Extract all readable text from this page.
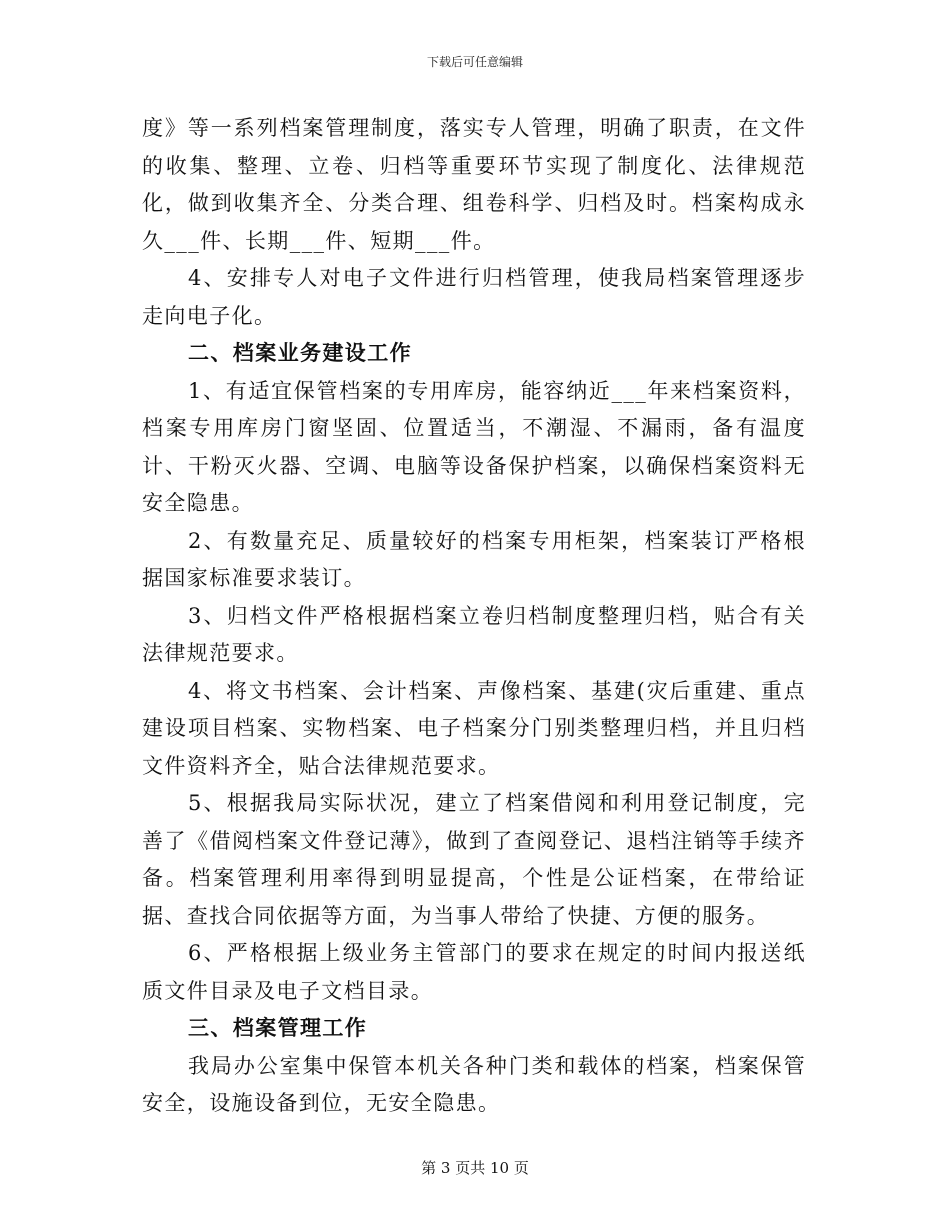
下载后可任意编辑

度》等一系列档案管理制度，落实专人管理，明确了职责，在文件的收集、整理、立卷、归档等重要环节实现了制度化、法律规范化，做到收集齐全、分类合理、组卷科学、归档及时。档案构成永久___件、长期___件、短期___件。

4、安排专人对电子文件进行归档管理，使我局档案管理逐步走向电子化。

二、档案业务建设工作

1、有适宜保管档案的专用库房，能容纳近___年来档案资料，档案专用库房门窗坚固、位置适当，不潮湿、不漏雨，备有温度计、干粉灭火器、空调、电脑等设备保护档案，以确保档案资料无安全隐患。

2、有数量充足、质量较好的档案专用柜架，档案装订严格根据国家标准要求装订。

3、归档文件严格根据档案立卷归档制度整理归档，贴合有关法律规范要求。

4、将文书档案、会计档案、声像档案、基建(灾后重建、重点建设项目档案、实物档案、电子档案分门别类整理归档，并且归档文件资料齐全，贴合法律规范要求。

5、根据我局实际状况，建立了档案借阅和利用登记制度，完善了《借阅档案文件登记薄》，做到了查阅登记、退档注销等手续齐备。档案管理利用率得到明显提高，个性是公证档案，在带给证据、查找合同依据等方面，为当事人带给了快捷、方便的服务。

6、严格根据上级业务主管部门的要求在规定的时间内报送纸质文件目录及电子文档目录。

三、档案管理工作

我局办公室集中保管本机关各种门类和载体的档案，档案保管安全，设施设备到位，无安全隐患。

第 3 页共 10 页
